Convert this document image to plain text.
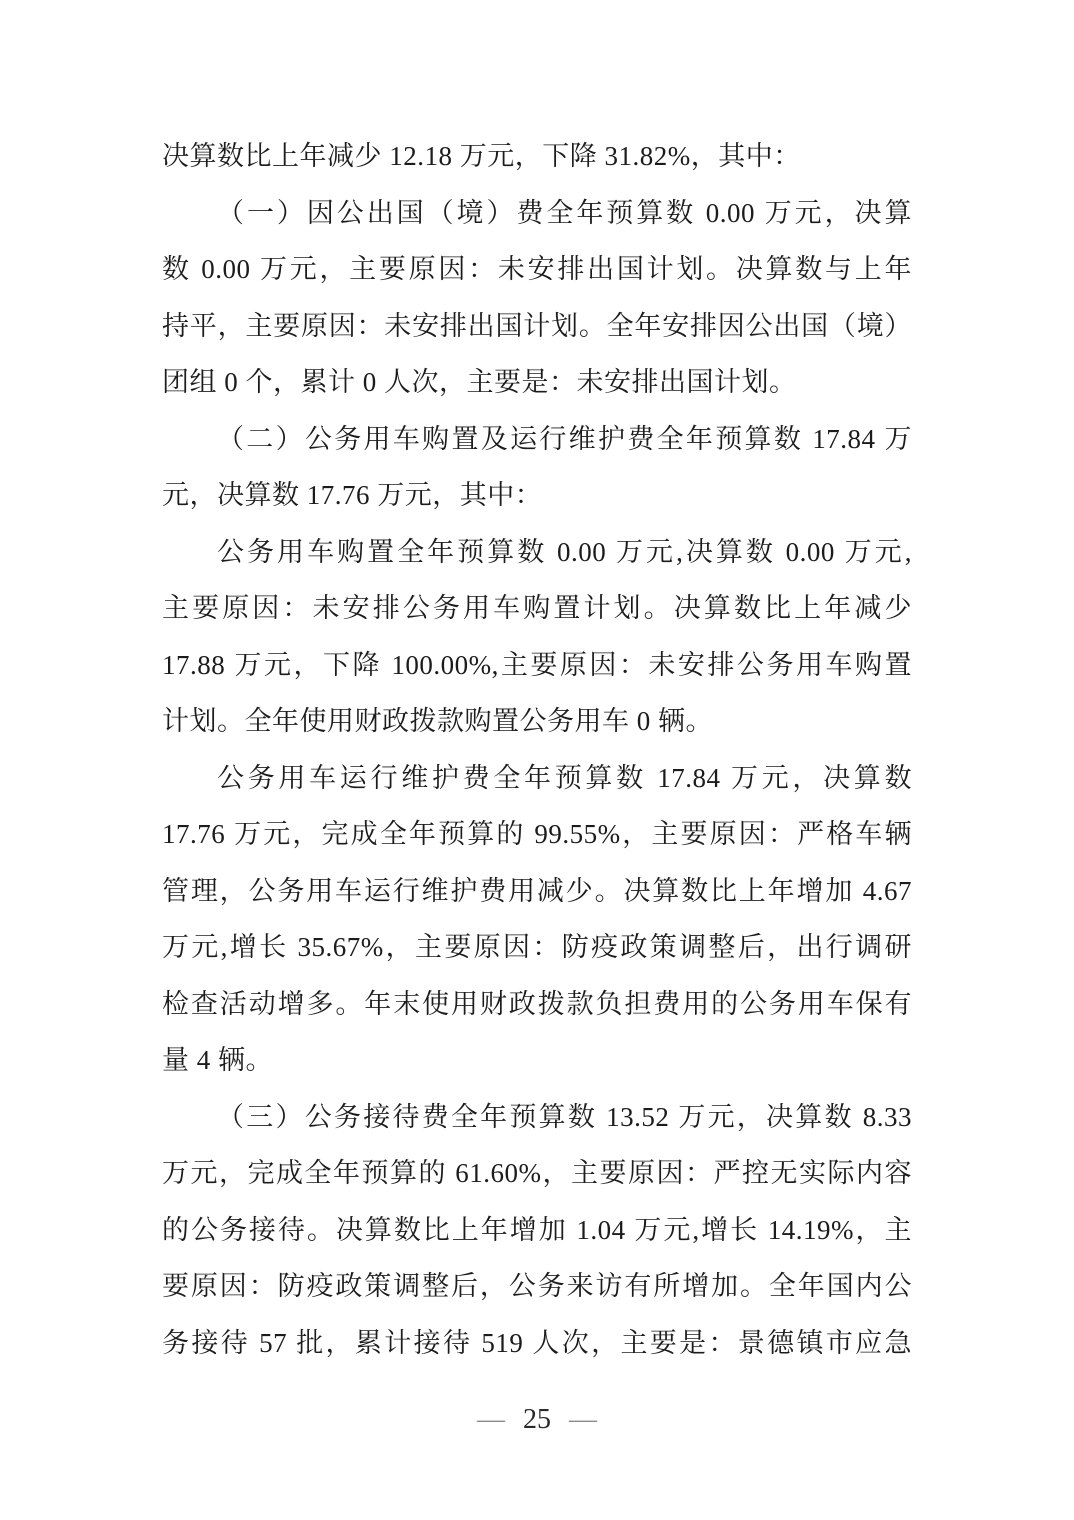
决算数比上年减少 12.18 万元，下降 31.82%，其中：
（一）因公出国（境）费全年预算数 0.00 万元，决算
数 0.00 万元，主要原因：未安排出国计划。决算数与上年
持平，主要原因：未安排出国计划。全年安排因公出国（境）
团组 0 个，累计 0 人次，主要是：未安排出国计划。
（二）公务用车购置及运行维护费全年预算数 17.84 万
元，决算数 17.76 万元，其中：
公务用车购置全年预算数 0.00 万元,决算数 0.00 万元,
主要原因：未安排公务用车购置计划。决算数比上年减少
17.88 万元，下降 100.00%,主要原因：未安排公务用车购置
计划。全年使用财政拨款购置公务用车 0 辆。
公务用车运行维护费全年预算数 17.84 万元，决算数
17.76 万元，完成全年预算的 99.55%，主要原因：严格车辆
管理，公务用车运行维护费用减少。决算数比上年增加 4.67
万元,增长 35.67%，主要原因：防疫政策调整后，出行调研
检查活动增多。年末使用财政拨款负担费用的公务用车保有
量 4 辆。
（三）公务接待费全年预算数 13.52 万元，决算数 8.33
万元，完成全年预算的 61.60%，主要原因：严控无实际内容
的公务接待。决算数比上年增加 1.04 万元,增长 14.19%，主
要原因：防疫政策调整后，公务来访有所增加。全年国内公
务接待 57 批，累计接待 519 人次，主要是：景德镇市应急
— 25 —
